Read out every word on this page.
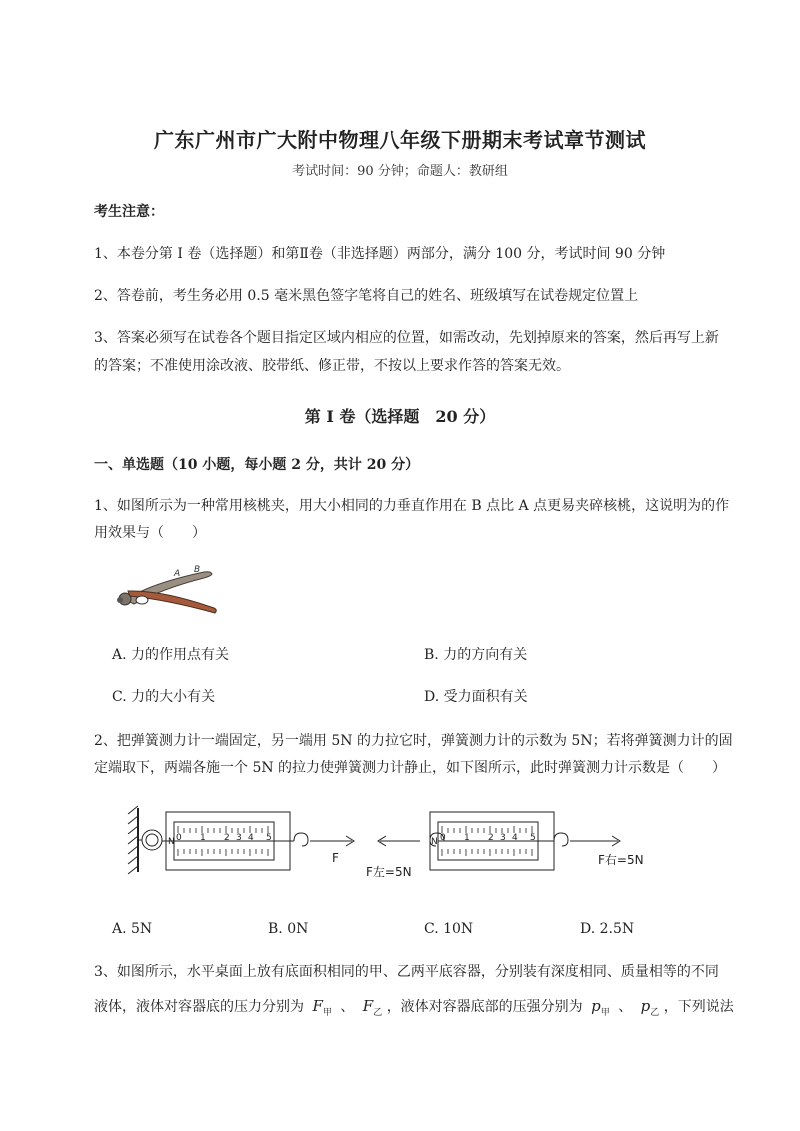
广东广州市广大附中物理八年级下册期末考试章节测试
考试时间：90 分钟；命题人：教研组
考生注意：
1、本卷分第 I 卷（选择题）和第Ⅱ卷（非选择题）两部分，满分 100 分，考试时间 90 分钟
2、答卷前，考生务必用 0.5 毫米黑色签字笔将自己的姓名、班级填写在试卷规定位置上
3、答案必须写在试卷各个题目指定区域内相应的位置，如需改动，先划掉原来的答案，然后再写上新
的答案；不准使用涂改液、胶带纸、修正带，不按以上要求作答的答案无效。
第 I 卷（选择题　20 分）
一、单选题（10 小题，每小题 2 分，共计 20 分）
1、如图所示为一种常用核桃夹，用大小相同的力垂直作用在 B 点比 A 点更易夹碎核桃，这说明为的作
用效果与（　　）
A B
A. 力的作用点有关	B. 力的方向有关
C. 力的大小有关	D. 受力面积有关
2、把弹簧测力计一端固定，另一端用 5N 的力拉它时，弹簧测力计的示数为 5N；若将弹簧测力计的固
定端取下，两端各施一个 5N 的拉力使弹簧测力计静止，如下图所示，此时弹簧测力计示数是（　　）
N 0 1 2 3 4 5
F
N 0 1 2 3 4 5
F左=5N
F右=5N
A. 5N	B. 0N	C. 10N	D. 2.5N
3、如图所示，水平桌面上放有底面积相同的甲、乙两平底容器，分别装有深度相同、质量相等的不同
液体，液体对容器底的压力分别为 $F_甲$ 、 $F_乙$ ，液体对容器底部的压强分别为 $p_甲$ 、 $p_乙$ ，下列说法
